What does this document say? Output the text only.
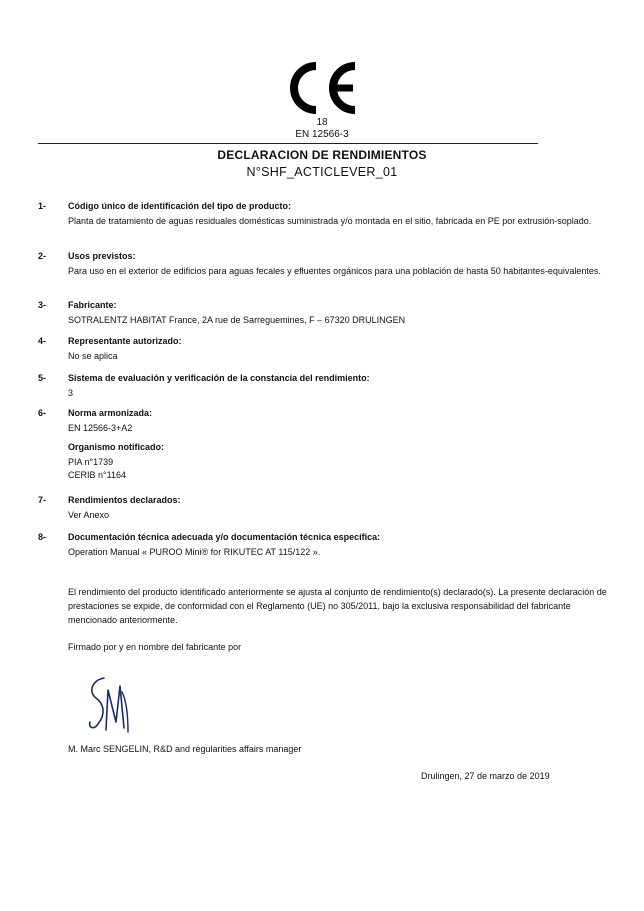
18
EN 12566-3
DECLARACION DE RENDIMIENTOS
N°SHF_ACTICLEVER_01
1- Código único de identificación del tipo de producto:
Planta de tratamiento de aguas residuales domésticas suministrada y/o montada en el sitio, fabricada en PE por extrusión-soplado.
2- Usos previstos:
Para uso en el exterior de edificios para aguas fecales y efluentes orgánicos para una población de hasta 50 habitantes-equivalentes.
3- Fabricante:
SOTRALENTZ HABITAT France, 2A rue de Sarreguemines, F – 67320 DRULINGEN
4- Representante autorizado:
No se aplica
5- Sistema de evaluación y verificación de la constancia del rendimiento:
3
6- Norma armonizada:
EN 12566-3+A2
Organismo notificado:
PIA n°1739
CERIB n°1164
7- Rendimientos declarados:
Ver Anexo
8- Documentación técnica adecuada y/o documentación técnica específica:
Operation Manual « PUROO Mini® for RIKUTEC AT 115/122 ».
El rendimiento del producto identificado anteriormente se ajusta al conjunto de rendimiento(s) declarado(s). La presente declaración de prestaciones se expide, de conformidad con el Reglamento (UE) no 305/2011, bajo la exclusiva responsabilidad del fabricante mencionado anteriormente.
Firmado por y en nombre del fabricante por
M. Marc SENGELIN, R&D and regularities affairs manager
Drulingen, 27 de marzo de 2019
